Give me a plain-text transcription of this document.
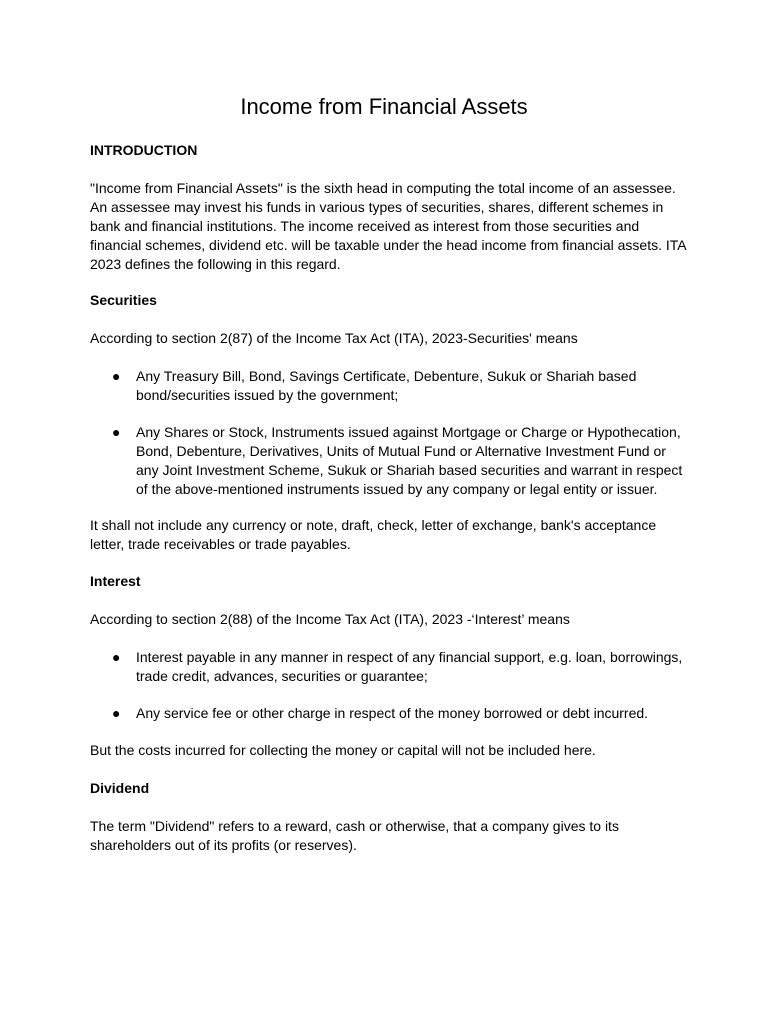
Income from Financial Assets

INTRODUCTION

"Income from Financial Assets" is the sixth head in computing the total income of an assessee. An assessee may invest his funds in various types of securities, shares, different schemes in bank and financial institutions. The income received as interest from those securities and financial schemes, dividend etc. will be taxable under the head income from financial assets. ITA 2023 defines the following in this regard.

Securities

According to section 2(87) of the Income Tax Act (ITA), 2023-Securities' means

● Any Treasury Bill, Bond, Savings Certificate, Debenture, Sukuk or Shariah based bond/securities issued by the government;

● Any Shares or Stock, Instruments issued against Mortgage or Charge or Hypothecation, Bond, Debenture, Derivatives, Units of Mutual Fund or Alternative Investment Fund or any Joint Investment Scheme, Sukuk or Shariah based securities and warrant in respect of the above-mentioned instruments issued by any company or legal entity or issuer.

It shall not include any currency or note, draft, check, letter of exchange, bank's acceptance letter, trade receivables or trade payables.

Interest

According to section 2(88) of the Income Tax Act (ITA), 2023 -‘Interest’ means

● Interest payable in any manner in respect of any financial support, e.g. loan, borrowings, trade credit, advances, securities or guarantee;

● Any service fee or other charge in respect of the money borrowed or debt incurred.

But the costs incurred for collecting the money or capital will not be included here.

Dividend

The term "Dividend" refers to a reward, cash or otherwise, that a company gives to its shareholders out of its profits (or reserves).
